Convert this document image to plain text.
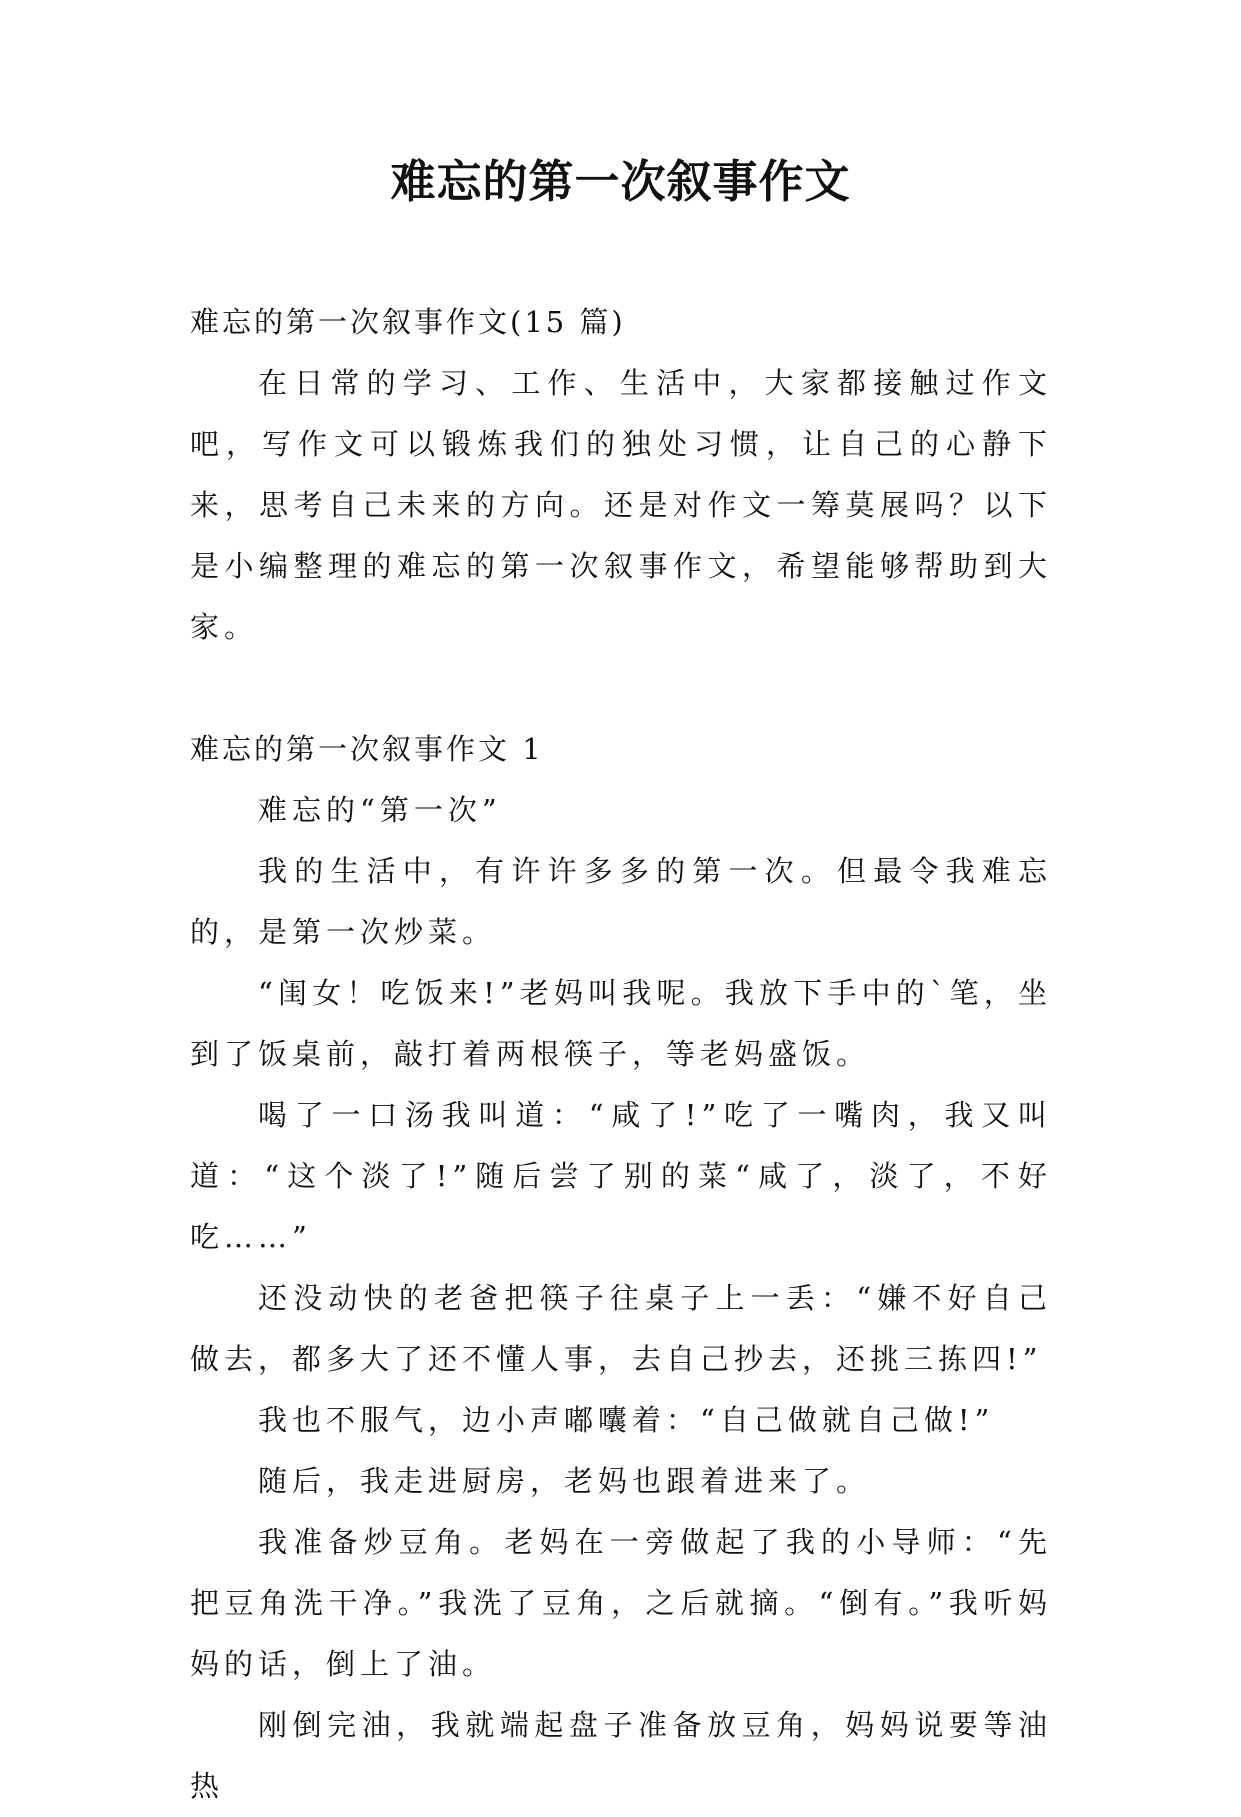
难忘的第一次叙事作文

难忘的第一次叙事作文(15 篇)

在日常的学习、工作、生活中，大家都接触过作文吧，写作文可以锻炼我们的独处习惯，让自己的心静下来，思考自己未来的方向。还是对作文一筹莫展吗？以下是小编整理的难忘的第一次叙事作文，希望能够帮助到大家。

难忘的第一次叙事作文 1

难忘的“第一次”

我的生活中，有许许多多的第一次。但最令我难忘的，是第一次炒菜。

“闺女！吃饭来!”老妈叫我呢。我放下手中的`笔，坐到了饭桌前，敲打着两根筷子，等老妈盛饭。

喝了一口汤我叫道：“咸了!”吃了一嘴肉，我又叫道：“这个淡了!”随后尝了别的菜“咸了，淡了，不好吃……”

还没动快的老爸把筷子往桌子上一丢：“嫌不好自己做去，都多大了还不懂人事，去自己抄去，还挑三拣四!”

我也不服气，边小声嘟囔着：“自己做就自己做!”

随后，我走进厨房，老妈也跟着进来了。

我准备炒豆角。老妈在一旁做起了我的小导师：“先把豆角洗干净。”我洗了豆角，之后就摘。“倒有。”我听妈妈的话，倒上了油。

刚倒完油，我就端起盘子准备放豆角，妈妈说要等油热
